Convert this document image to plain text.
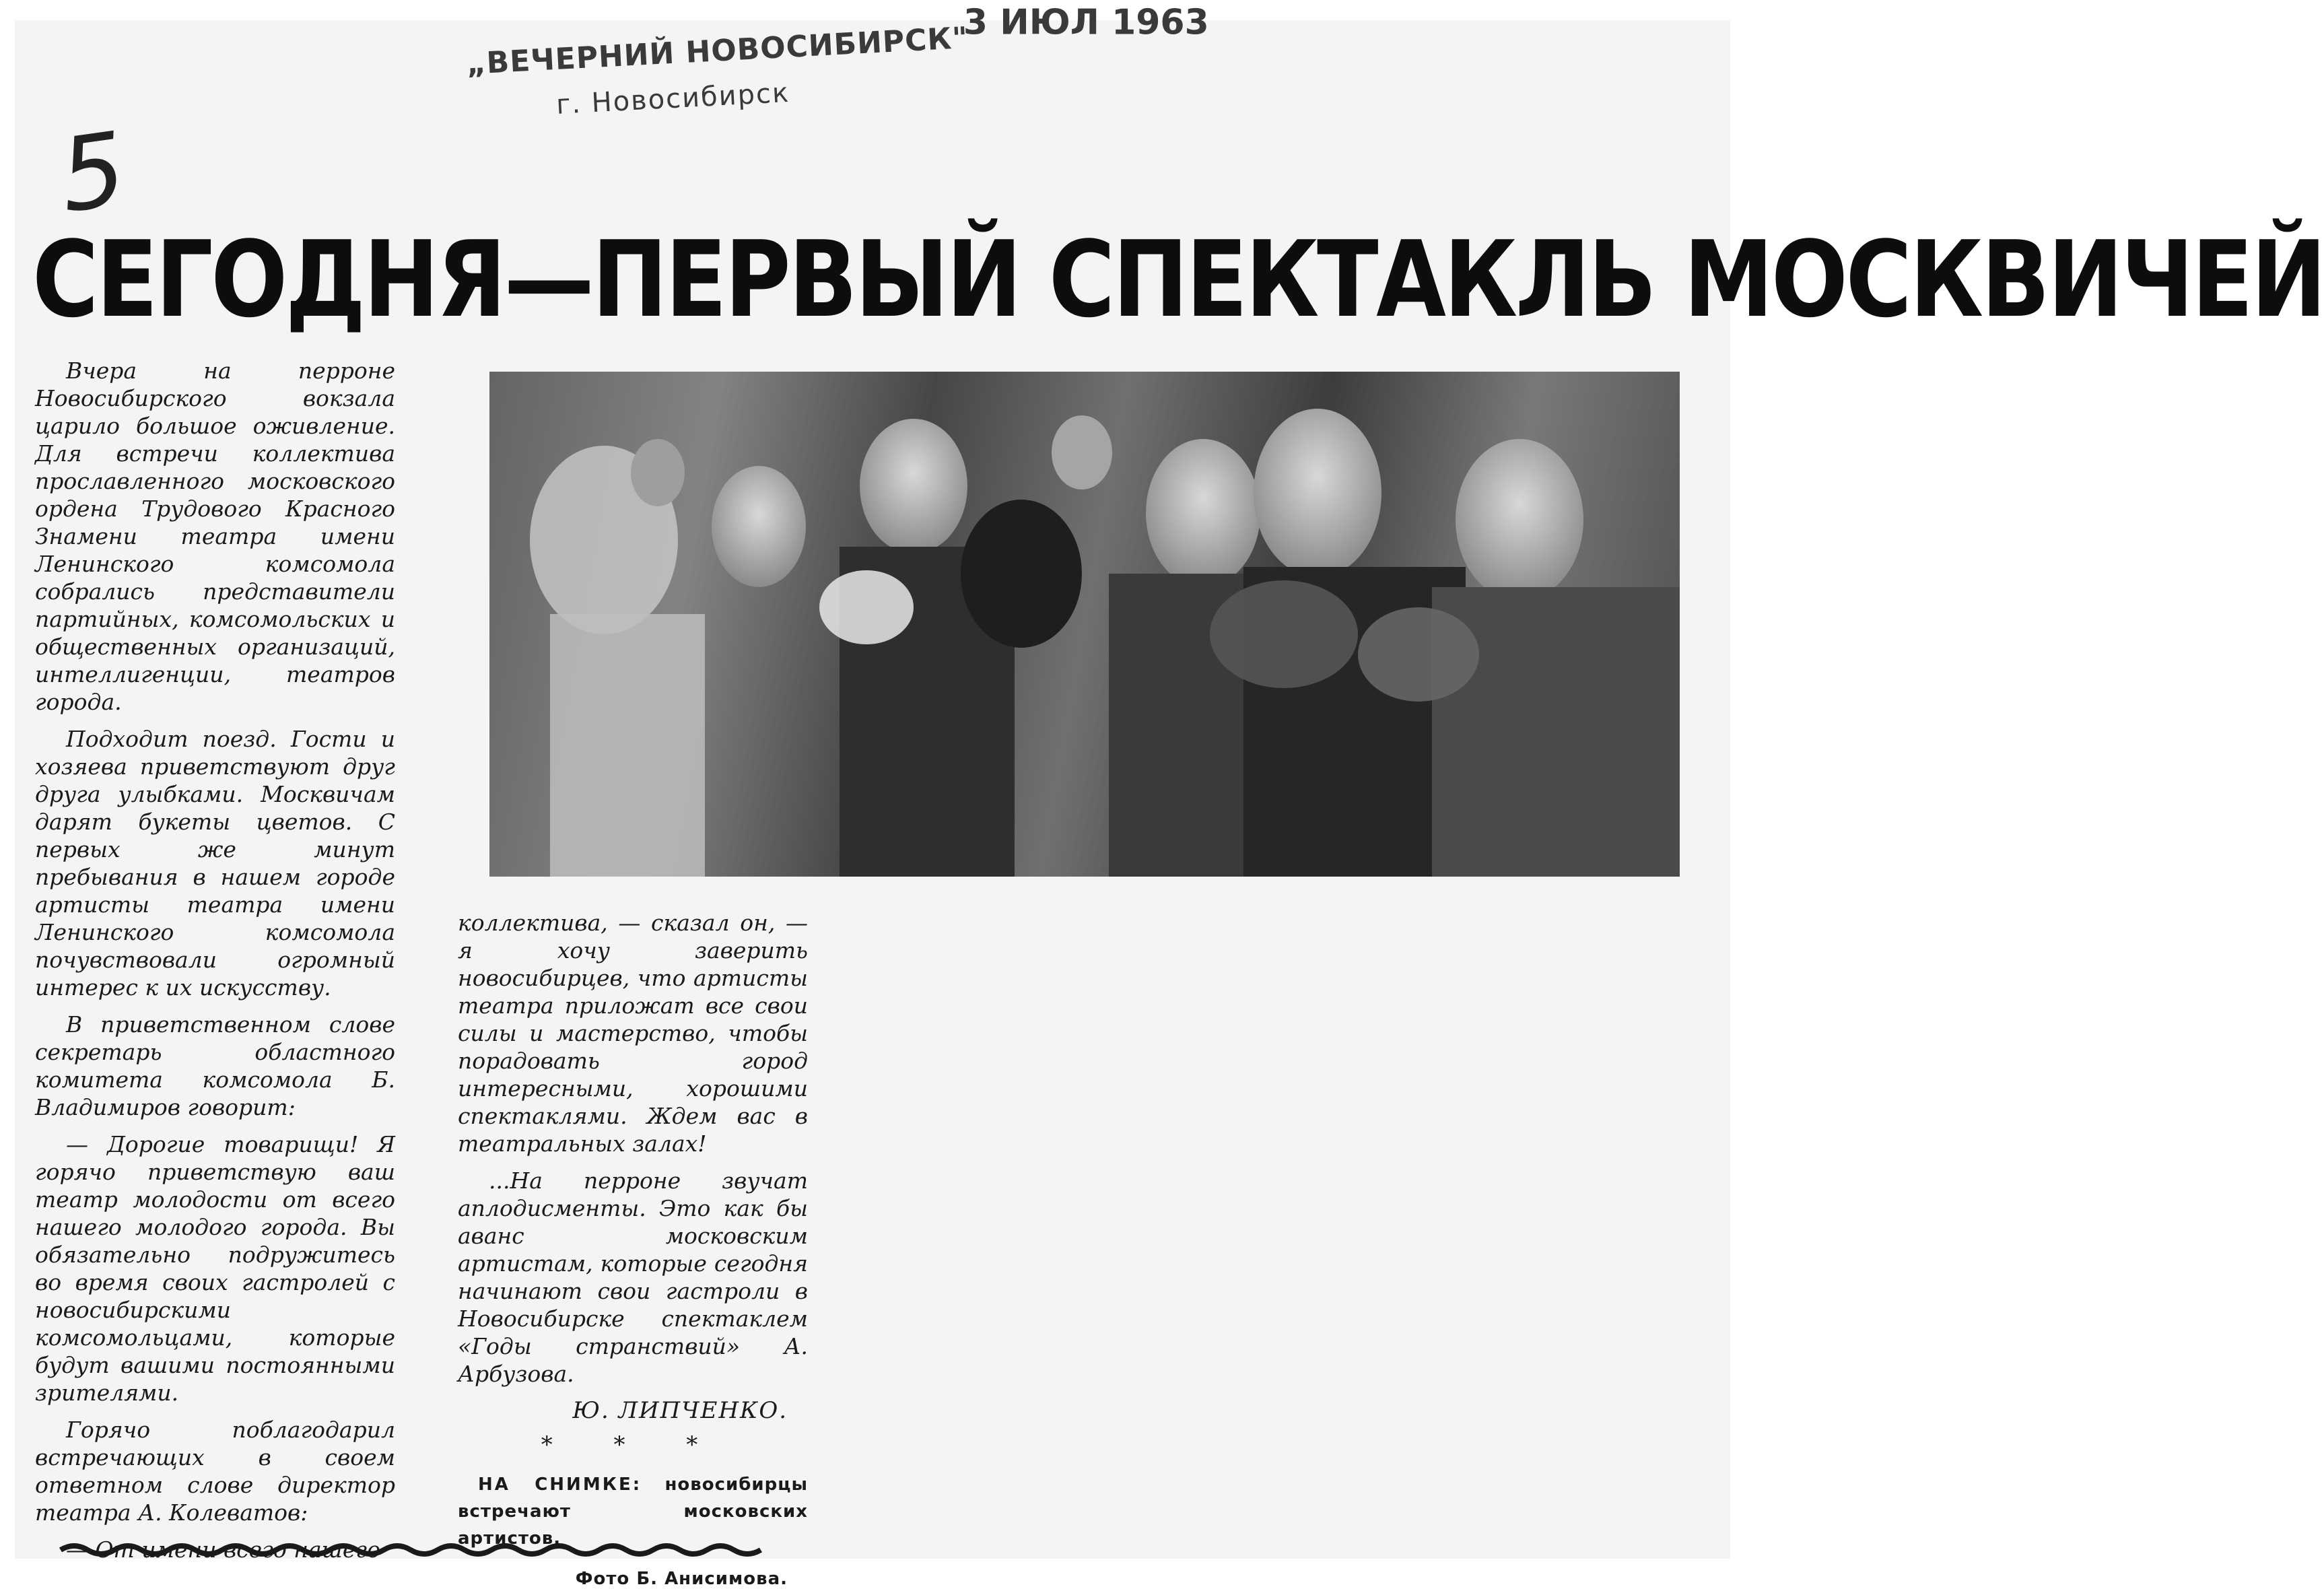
„ВЕЧЕРНИЙ НОВОСИБИРСК"
3 ИЮЛ 1963
г. Новосибирск
5
СЕГОДНЯ—ПЕРВЫЙ СПЕКТАКЛЬ МОСКВИЧЕЙ

Вчера на перроне Новосибирского вокзала царило большое оживление. Для встречи коллектива прославленного московского ордена Трудового Красного Знамени театра имени Ленинского комсомола собрались представители партийных, комсомольских и общественных организаций, интеллигенции, театров города.

Подходит поезд. Гости и хозяева приветствуют друг друга улыбками. Москвичам дарят букеты цветов. С первых же минут пребывания в нашем городе артисты театра имени Ленинского комсомола почувствовали огромный интерес к их искусству.

В приветственном слове секретарь областного комитета комсомола Б. Владимиров говорит:

— Дорогие товарищи! Я горячо приветствую ваш театр молодости от всего нашего молодого города. Вы обязательно подружитесь во время своих гастролей с новосибирскими комсомольцами, которые будут вашими постоянными зрителями.

Горячо поблагодарил встречающих в своем ответном слове директор театра А. Колеватов:

— От имени всего нашего

коллектива, — сказал он, — я хочу заверить новосибирцев, что артисты театра приложат все свои силы и мастерство, чтобы порадовать город интересными, хорошими спектаклями. Ждем вас в театральных залах!

...На перроне звучат аплодисменты. Это как бы аванс московским артистам, которые сегодня начинают свои гастроли в Новосибирске спектаклем «Годы странствий» А. Арбузова.

Ю. ЛИПЧЕНКО.
* * *
НА СНИМКЕ: новосибирцы встречают московских артистов.
Фото Б. Анисимова.
